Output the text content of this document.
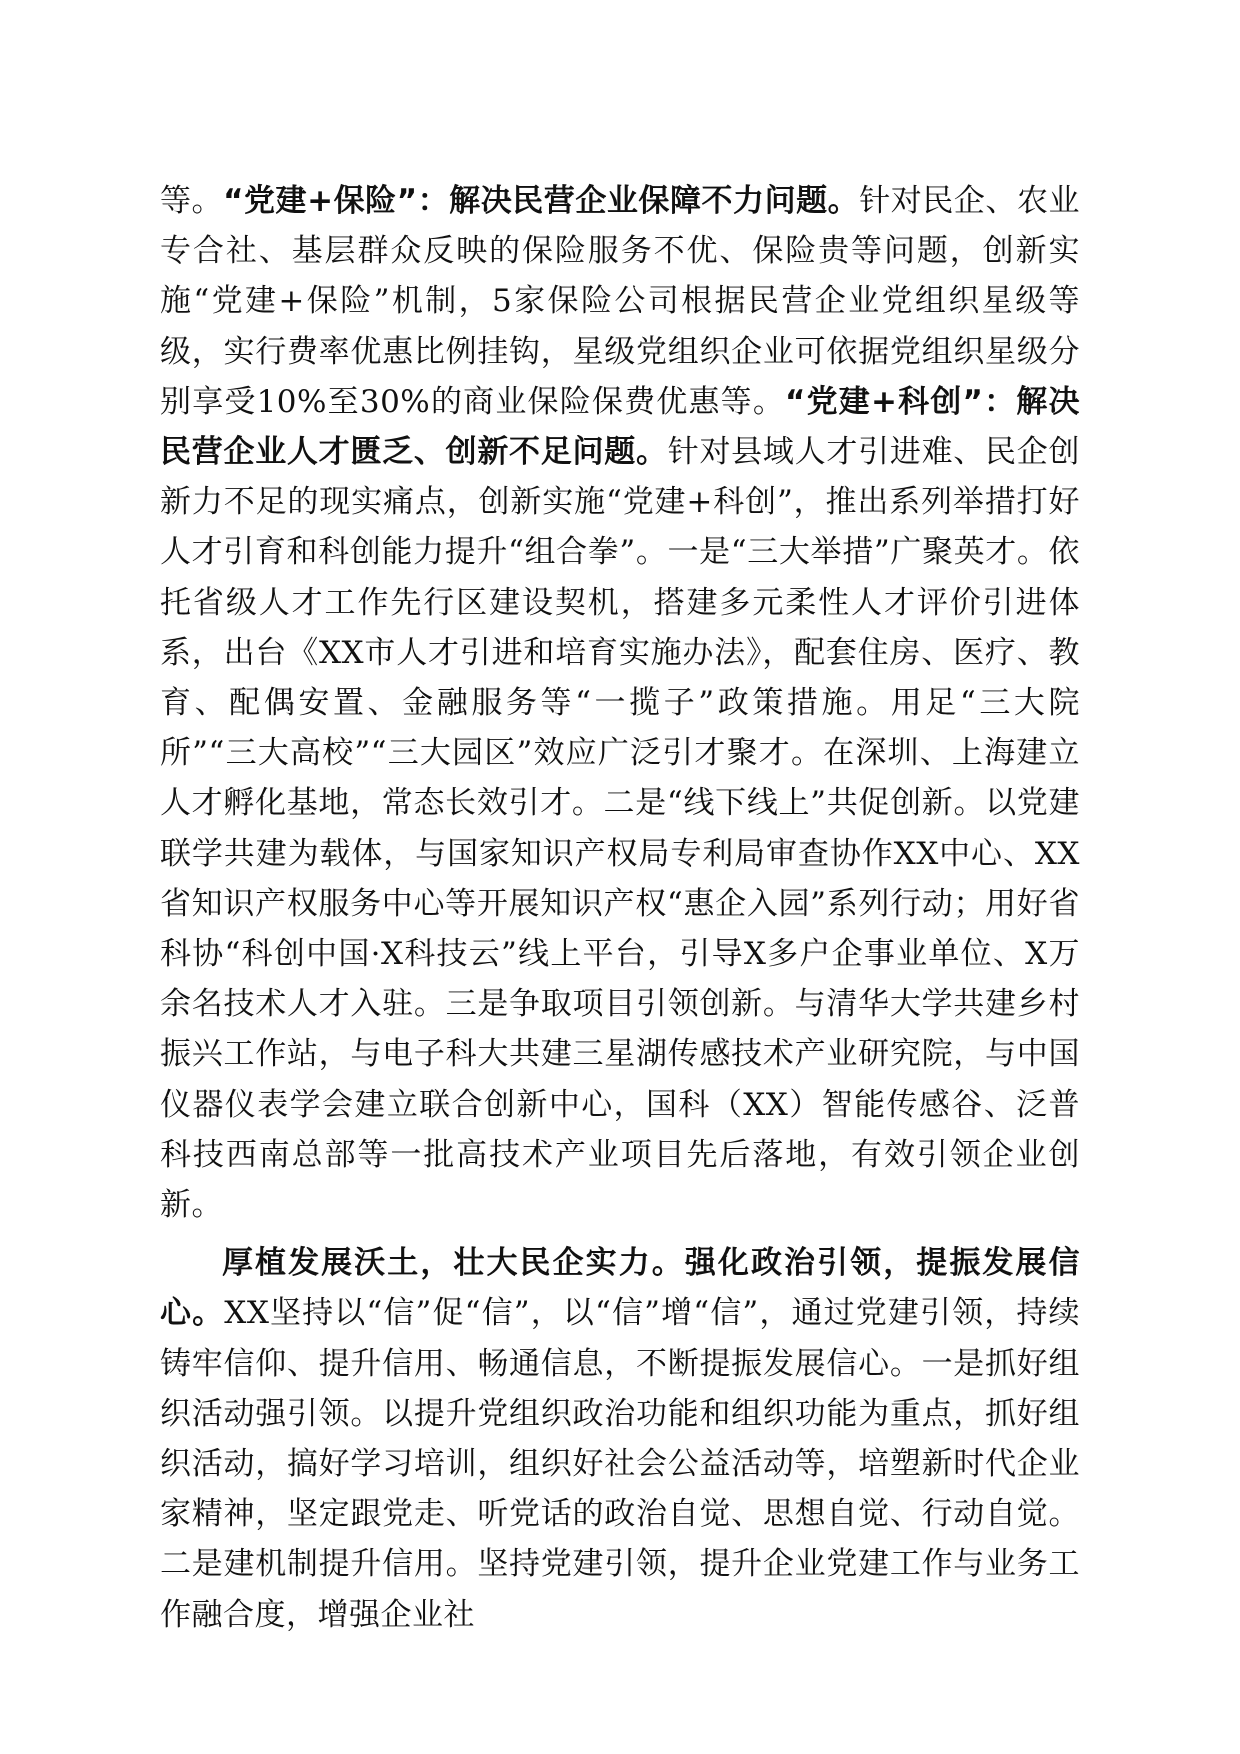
等。“党建+保险”：解决民营企业保障不力问题。针对民企、农业专合社、基层群众反映的保险服务不优、保险贵等问题，创新实施“党建+保险”机制，5家保险公司根据民营企业党组织星级等级，实行费率优惠比例挂钩，星级党组织企业可依据党组织星级分别享受10%至30%的商业保险保费优惠等。“党建+科创”：解决民营企业人才匮乏、创新不足问题。针对县域人才引进难、民企创新力不足的现实痛点，创新实施“党建+科创”，推出系列举措打好人才引育和科创能力提升“组合拳”。一是“三大举措”广聚英才。依托省级人才工作先行区建设契机，搭建多元柔性人才评价引进体系，出台《XX市人才引进和培育实施办法》，配套住房、医疗、教育、配偶安置、金融服务等“一揽子”政策措施。用足“三大院所”“三大高校”“三大园区”效应广泛引才聚才。在深圳、上海建立人才孵化基地，常态长效引才。二是“线下线上”共促创新。以党建联学共建为载体，与国家知识产权局专利局审查协作XX中心、XX省知识产权服务中心等开展知识产权“惠企入园”系列行动；用好省科协“科创中国·X科技云”线上平台，引导X多户企事业单位、X万余名技术人才入驻。三是争取项目引领创新。与清华大学共建乡村振兴工作站，与电子科大共建三星湖传感技术产业研究院，与中国仪器仪表学会建立联合创新中心，国科（XX）智能传感谷、泛普科技西南总部等一批高技术产业项目先后落地，有效引领企业创新。

厚植发展沃土，壮大民企实力。强化政治引领，提振发展信心。XX坚持以“信”促“信”，以“信”增“信”，通过党建引领，持续铸牢信仰、提升信用、畅通信息，不断提振发展信心。一是抓好组织活动强引领。以提升党组织政治功能和组织功能为重点，抓好组织活动，搞好学习培训，组织好社会公益活动等，培塑新时代企业家精神，坚定跟党走、听党话的政治自觉、思想自觉、行动自觉。二是建机制提升信用。坚持党建引领，提升企业党建工作与业务工作融合度，增强企业社
